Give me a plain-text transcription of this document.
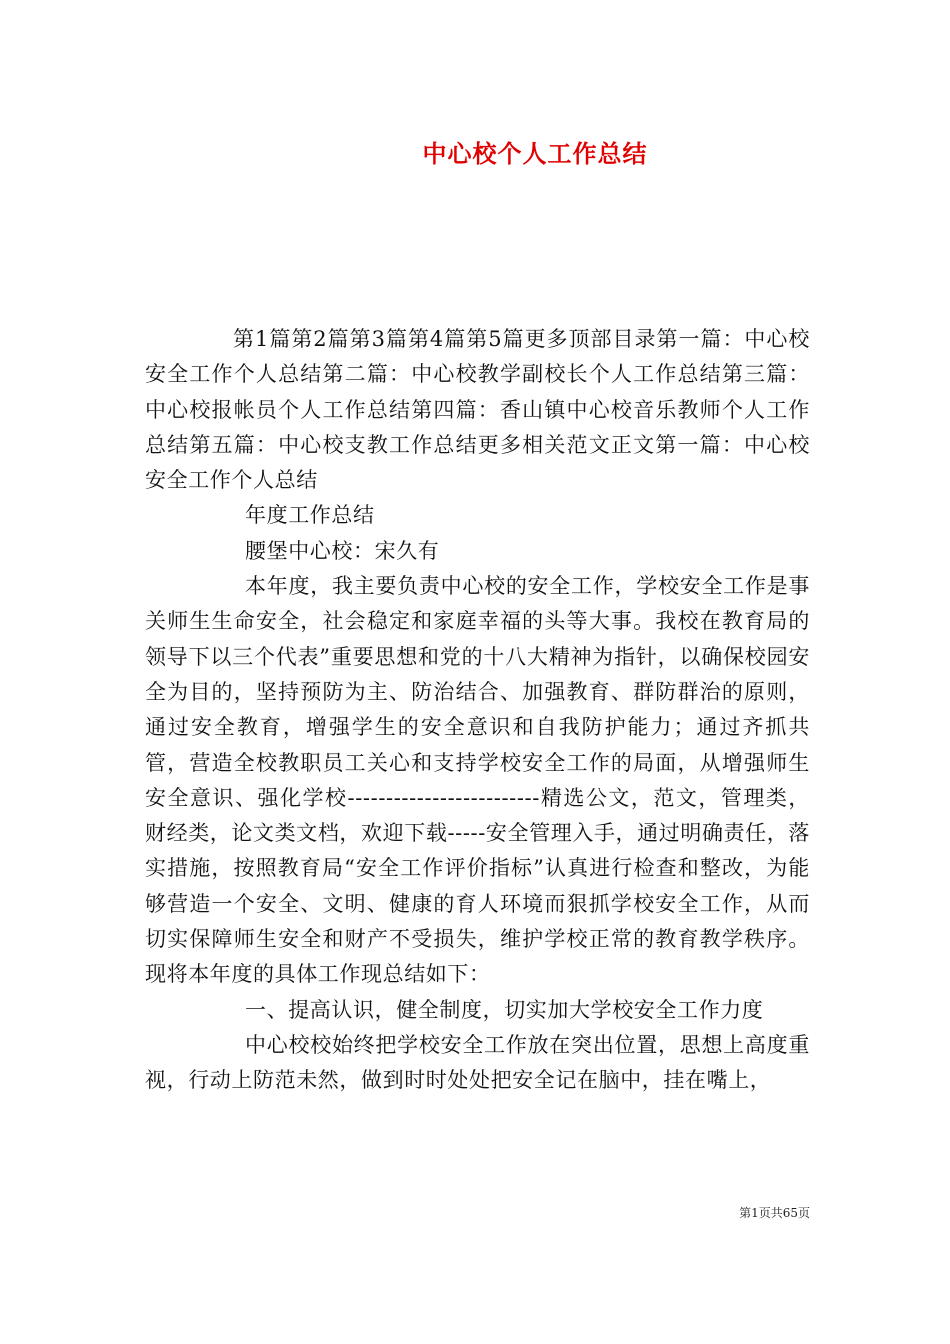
中心校个人工作总结

第1篇第2篇第3篇第4篇第5篇更多顶部目录第一篇：中心校安全工作个人总结第二篇：中心校教学副校长个人工作总结第三篇：中心校报帐员个人工作总结第四篇：香山镇中心校音乐教师个人工作总结第五篇：中心校支教工作总结更多相关范文正文第一篇：中心校安全工作个人总结

年度工作总结

腰堡中心校：宋久有

本年度，我主要负责中心校的安全工作，学校安全工作是事关师生生命安全，社会稳定和家庭幸福的头等大事。我校在教育局的领导下以三个代表”重要思想和党的十八大精神为指针，以确保校园安全为目的，坚持预防为主、防治结合、加强教育、群防群治的原则，通过安全教育，增强学生的安全意识和自我防护能力；通过齐抓共管，营造全校教职员工关心和支持学校安全工作的局面，从增强师生安全意识、强化学校-------------------------精选公文，范文，管理类，财经类，论文类文档，欢迎下载-----安全管理入手，通过明确责任，落实措施，按照教育局“安全工作评价指标”认真进行检查和整改，为能够营造一个安全、文明、健康的育人环境而狠抓学校安全工作，从而切实保障师生安全和财产不受损失，维护学校正常的教育教学秩序。现将本年度的具体工作现总结如下：

一、提高认识，健全制度，切实加大学校安全工作力度

中心校校始终把学校安全工作放在突出位置，思想上高度重视，行动上防范未然，做到时时处处把安全记在脑中，挂在嘴上，

第1页共65页
